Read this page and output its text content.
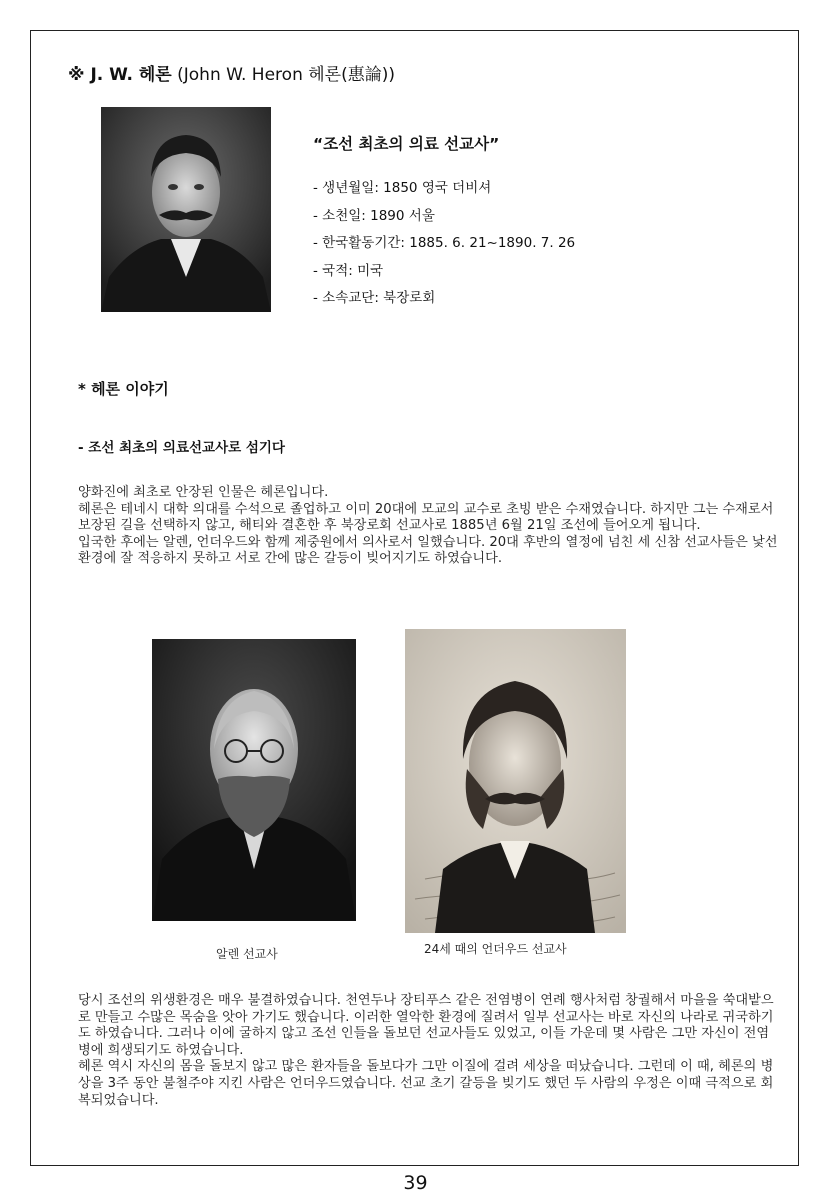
※ J. W. 헤론 (John W. Heron 헤론(惠論))
“조선 최초의 의료 선교사”
- 생년월일: 1850 영국 더비셔
- 소천일: 1890 서울
- 한국활동기간: 1885. 6. 21~1890. 7. 26
- 국적: 미국
- 소속교단: 북장로회
* 헤론 이야기
- 조선 최초의 의료선교사로 섬기다

양화진에 최초로 안장된 인물은 헤론입니다.

헤론은 테네시 대학 의대를 수석으로 졸업하고 이미 20대에 모교의 교수로 초빙 받은 수재였습니다. 하지만 그는 수재로서 보장된 길을 선택하지 않고, 해티와 결혼한 후 북장로회 선교사로 1885년 6월 21일 조선에 들어오게 됩니다.

입국한 후에는 알렌, 언더우드와 함께 제중원에서 의사로서 일했습니다. 20대 후반의 열정에 넘친 세 신참 선교사들은 낯선 환경에 잘 적응하지 못하고 서로 간에 많은 갈등이 빚어지기도 하였습니다.

알렌 선교사	24세 때의 언더우드 선교사

당시 조선의 위생환경은 매우 불결하였습니다. 천연두나 장티푸스 같은 전염병이 연례 행사처럼 창궐해서 마을을 쑥대밭으로 만들고 수많은 목숨을 앗아 가기도 했습니다. 이러한 열악한 환경에 질려서 일부 선교사는 바로 자신의 나라로 귀국하기도 하였습니다. 그러나 이에 굴하지 않고 조선 인들을 돌보던 선교사들도 있었고, 이들 가운데 몇 사람은 그만 자신이 전염병에 희생되기도 하였습니다.

헤론 역시 자신의 몸을 돌보지 않고 많은 환자들을 돌보다가 그만 이질에 걸려 세상을 떠났습니다. 그런데 이 때, 헤론의 병상을 3주 동안 불철주야 지킨 사람은 언더우드였습니다. 선교 초기 갈등을 빚기도 했던 두 사람의 우정은 이때 극적으로 회복되었습니다.

39
